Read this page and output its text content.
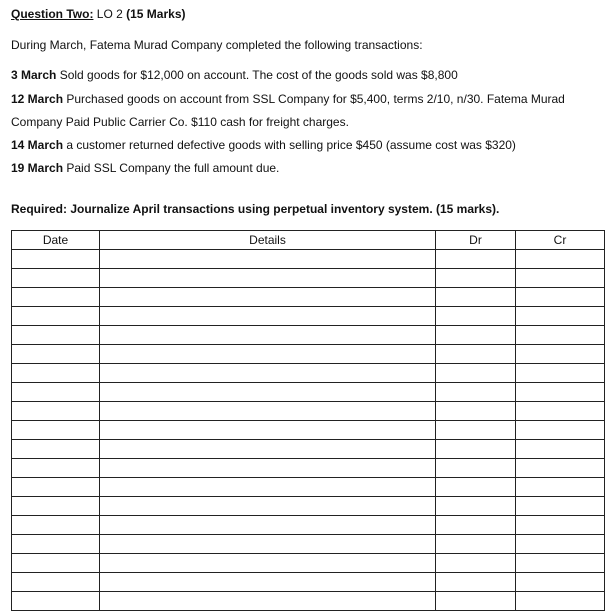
Question Two: LO 2 (15 Marks)
During March, Fatema Murad Company completed the following transactions:
3 March Sold goods for $12,000 on account. The cost of the goods sold was $8,800
12 March Purchased goods on account from SSL Company for $5,400, terms 2/10, n/30. Fatema Murad
Company Paid Public Carrier Co. $110 cash for freight charges.
14 March a customer returned defective goods with selling price $450 (assume cost was $320)
19 March Paid SSL Company the full amount due.
Required: Journalize April transactions using perpetual inventory system. (15 marks).
Date	Details	Dr	Cr
